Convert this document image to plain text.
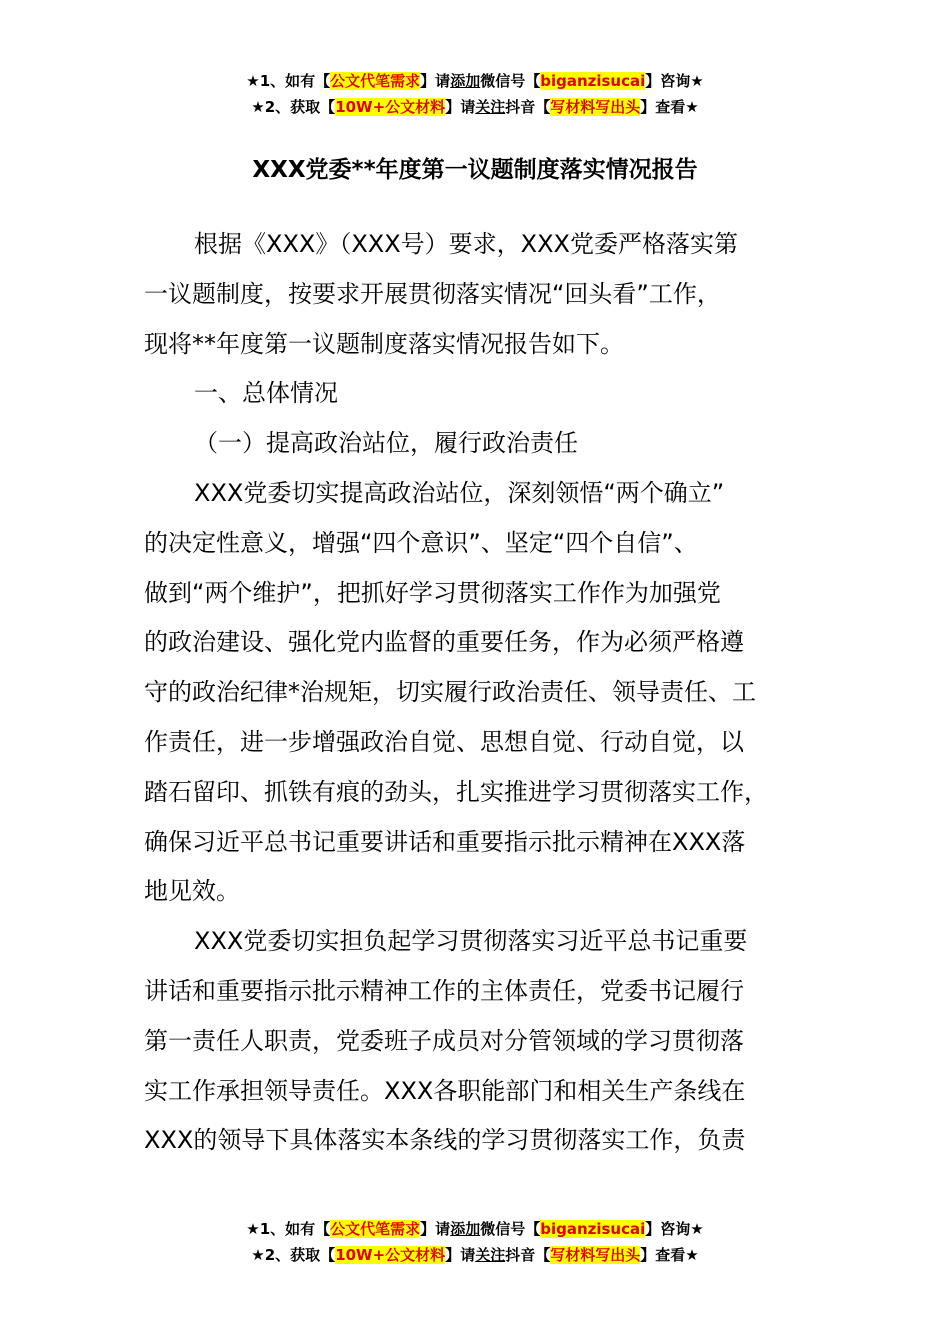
★1、如有【公文代笔需求】请添加微信号【biganzisucai】咨询★
★2、获取【10W+公文材料】请关注抖音【写材料写出头】查看★
XXX党委**年度第一议题制度落实情况报告

根据《XXX》（XXX号）要求，XXX党委严格落实第

一议题制度，按要求开展贯彻落实情况“回头看”工作，

现将**年度第一议题制度落实情况报告如下。

一、总体情况

（一）提高政治站位，履行政治责任

XXX党委切实提高政治站位，深刻领悟“两个确立”

的决定性意义，增强“四个意识”、坚定“四个自信”、

做到“两个维护”，把抓好学习贯彻落实工作作为加强党

的政治建设、强化党内监督的重要任务，作为必须严格遵

守的政治纪律*治规矩，切实履行政治责任、领导责任、工

作责任，进一步增强政治自觉、思想自觉、行动自觉，以

踏石留印、抓铁有痕的劲头，扎实推进学习贯彻落实工作，

确保习近平总书记重要讲话和重要指示批示精神在XXX落

地见效。

XXX党委切实担负起学习贯彻落实习近平总书记重要

讲话和重要指示批示精神工作的主体责任，党委书记履行

第一责任人职责，党委班子成员对分管领域的学习贯彻落

实工作承担领导责任。XXX各职能部门和相关生产条线在

XXX的领导下具体落实本条线的学习贯彻落实工作，负责

★1、如有【公文代笔需求】请添加微信号【biganzisucai】咨询★
★2、获取【10W+公文材料】请关注抖音【写材料写出头】查看★
